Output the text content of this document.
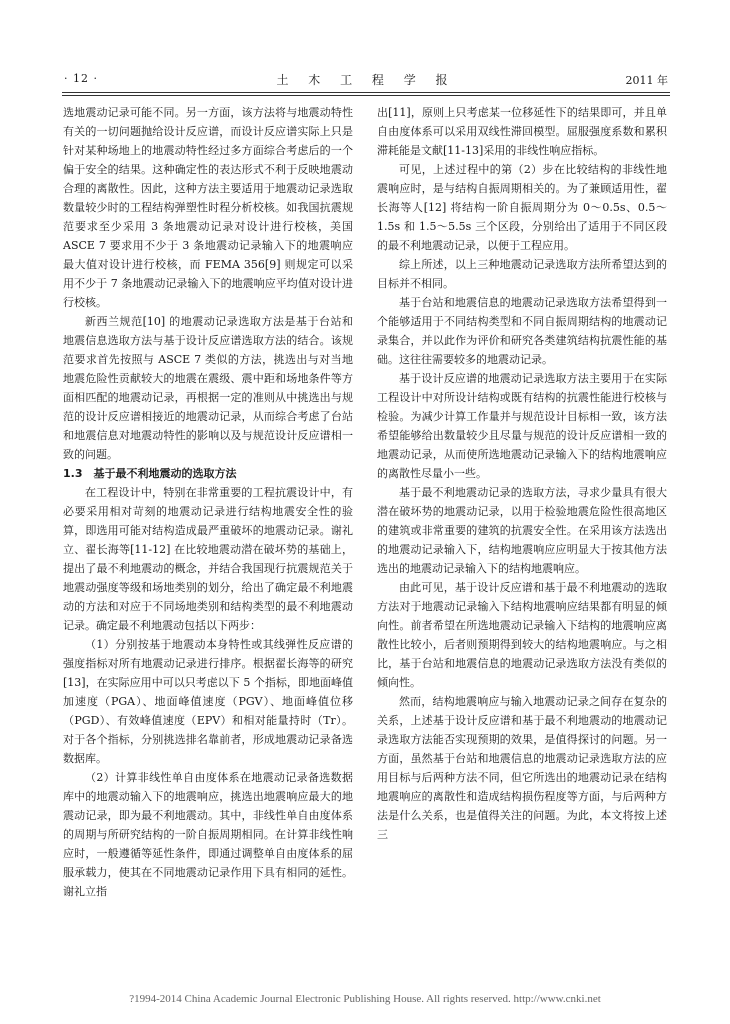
· 12 ·	土 木 工 程 学 报	2011 年

选地震动记录可能不同。另一方面，该方法将与地震动特性有关的一切问题抛给设计反应谱，而设计反应谱实际上只是针对某种场地上的地震动特性经过多方面综合考虑后的一个偏于安全的结果。这种确定性的表达形式不利于反映地震动合理的离散性。因此，这种方法主要适用于地震动记录选取数量较少时的工程结构弹塑性时程分析校核。如我国抗震规范要求至少采用 3 条地震动记录对设计进行校核，美国 ASCE 7 要求用不少于 3 条地震动记录输入下的地震响应最大值对设计进行校核，而 FEMA 356[9] 则规定可以采用不少于 7 条地震动记录输入下的地震响应平均值对设计进行校核。

新西兰规范[10] 的地震动记录选取方法是基于台站和地震信息选取方法与基于设计反应谱选取方法的结合。该规范要求首先按照与 ASCE 7 类似的方法，挑选出与对当地地震危险性贡献较大的地震在震级、震中距和场地条件等方面相匹配的地震动记录，再根据一定的准则从中挑选出与规范的设计反应谱相接近的地震动记录，从而综合考虑了台站和地震信息对地震动特性的影响以及与规范设计反应谱相一致的问题。

1.3　基于最不利地震动的选取方法

在工程设计中，特别在非常重要的工程抗震设计中，有必要采用相对苛刻的地震动记录进行结构地震安全性的验算，即选用可能对结构造成最严重破坏的地震动记录。谢礼立、翟长海等[11-12] 在比较地震动潜在破坏势的基础上，提出了最不利地震动的概念，并结合我国现行抗震规范关于地震动强度等级和场地类别的划分，给出了确定最不利地震动的方法和对应于不同场地类别和结构类型的最不利地震动记录。确定最不利地震动包括以下两步：

（1）分别按基于地震动本身特性或其线弹性反应谱的强度指标对所有地震动记录进行排序。根据翟长海等的研究[13]，在实际应用中可以只考虑以下 5 个指标，即地面峰值加速度（PGA）、地面峰值速度（PGV）、地面峰值位移（PGD）、有效峰值速度（EPV）和相对能量持时（Tr）。对于各个指标，分别挑选排名靠前者，形成地震动记录备选数据库。

（2）计算非线性单自由度体系在地震动记录备选数据库中的地震动输入下的地震响应，挑选出地震响应最大的地震动记录，即为最不利地震动。其中，非线性单自由度体系的周期与所研究结构的一阶自振周期相同。在计算非线性响应时，一般遵循等延性条件，即通过调整单自由度体系的屈服承载力，使其在不同地震动记录作用下具有相同的延性。谢礼立指

出[11]，原则上只考虑某一位移延性下的结果即可，并且单自由度体系可以采用双线性滞回模型。屈服强度系数和累积滞耗能是文献[11-13]采用的非线性响应指标。

可见，上述过程中的第（2）步在比较结构的非线性地震响应时，是与结构自振周期相关的。为了兼顾适用性，翟长海等人[12] 将结构一阶自振周期分为 0～0.5s、0.5～1.5s 和 1.5～5.5s 三个区段，分别给出了适用于不同区段的最不利地震动记录，以便于工程应用。

综上所述，以上三种地震动记录选取方法所希望达到的目标并不相同。

基于台站和地震信息的地震动记录选取方法希望得到一个能够适用于不同结构类型和不同自振周期结构的地震动记录集合，并以此作为评价和研究各类建筑结构抗震性能的基础。这往往需要较多的地震动记录。

基于设计反应谱的地震动记录选取方法主要用于在实际工程设计中对所设计结构或既有结构的抗震性能进行校核与检验。为减少计算工作量并与规范设计目标相一致，该方法希望能够给出数量较少且尽量与规范的设计反应谱相一致的地震动记录，从而使所选地震动记录输入下的结构地震响应的离散性尽量小一些。

基于最不利地震动记录的选取方法，寻求少量具有很大潜在破坏势的地震动记录，以用于检验地震危险性很高地区的建筑或非常重要的建筑的抗震安全性。在采用该方法选出的地震动记录输入下，结构地震响应应明显大于按其他方法选出的地震动记录输入下的结构地震响应。

由此可见，基于设计反应谱和基于最不利地震动的选取方法对于地震动记录输入下结构地震响应结果都有明显的倾向性。前者希望在所选地震动记录输入下结构的地震响应离散性比较小，后者则预期得到较大的结构地震响应。与之相比，基于台站和地震信息的地震动记录选取方法没有类似的倾向性。

然而，结构地震响应与输入地震动记录之间存在复杂的关系，上述基于设计反应谱和基于最不利地震动的地震动记录选取方法能否实现预期的效果，是值得探讨的问题。另一方面，虽然基于台站和地震信息的地震动记录选取方法的应用目标与后两种方法不同，但它所选出的地震动记录在结构地震响应的离散性和造成结构损伤程度等方面，与后两种方法是什么关系，也是值得关注的问题。为此，本文将按上述三

?1994-2014 China Academic Journal Electronic Publishing House. All rights reserved. http://www.cnki.net
